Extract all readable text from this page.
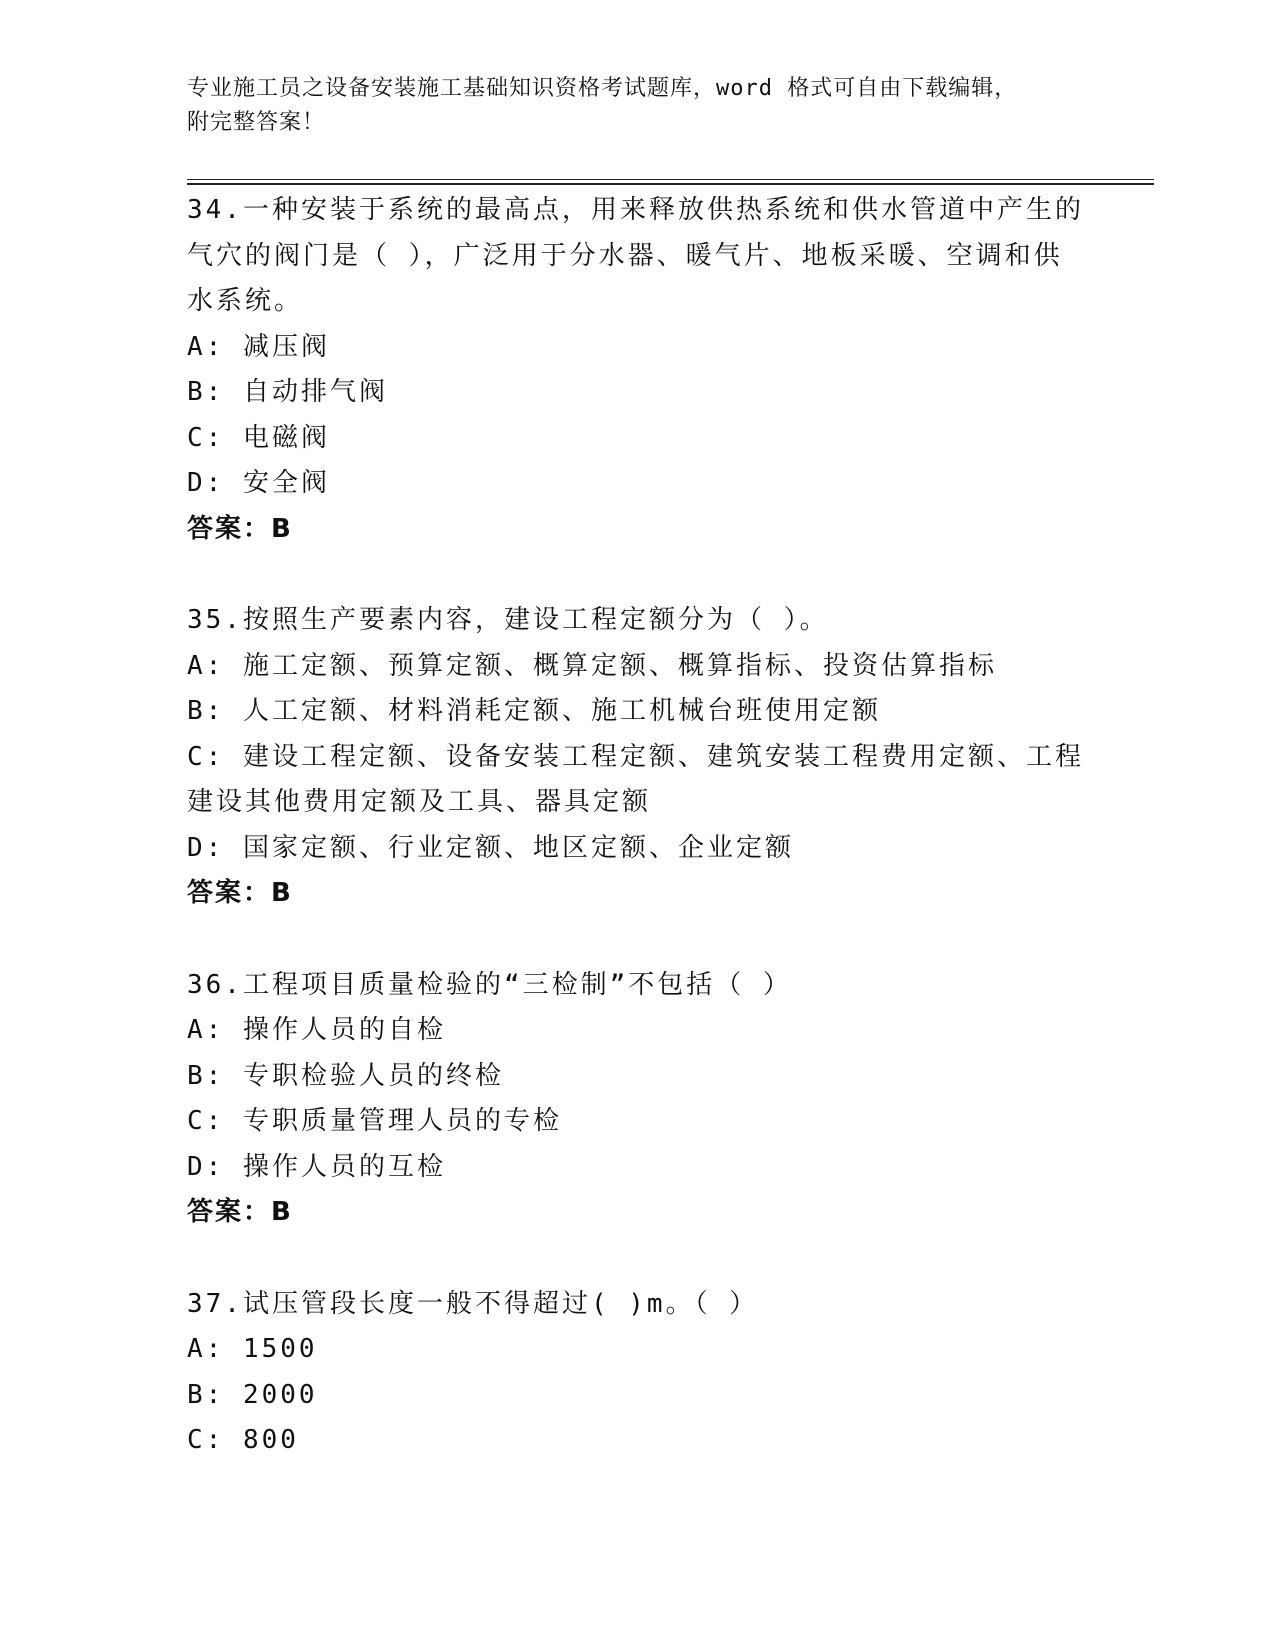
专业施工员之设备安装施工基础知识资格考试题库，word 格式可自由下载编辑，
附完整答案！
34.一种安装于系统的最高点，用来释放供热系统和供水管道中产生的
气穴的阀门是（ ），广泛用于分水器、暖气片、地板采暖、空调和供
水系统。
A: 减压阀
B: 自动排气阀
C: 电磁阀
D: 安全阀
答案：B
35.按照生产要素内容，建设工程定额分为（ ）。
A: 施工定额、预算定额、概算定额、概算指标、投资估算指标
B: 人工定额、材料消耗定额、施工机械台班使用定额
C: 建设工程定额、设备安装工程定额、建筑安装工程费用定额、工程
建设其他费用定额及工具、器具定额
D: 国家定额、行业定额、地区定额、企业定额
答案：B
36.工程项目质量检验的“三检制”不包括（ ）
A: 操作人员的自检
B: 专职检验人员的终检
C: 专职质量管理人员的专检
D: 操作人员的互检
答案：B
37.试压管段长度一般不得超过( )m。（ ）
A: 1500
B: 2000
C: 800
